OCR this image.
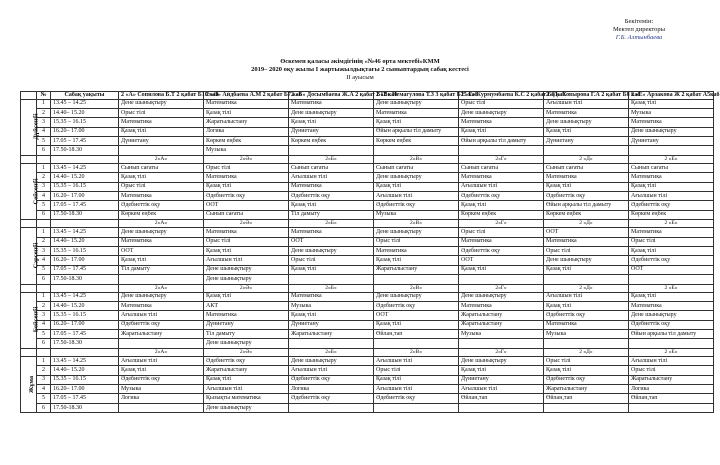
Бекітемін:
Мектеп директоры
Г.Б. Алтынбаева
Өскемен қаласы әкімдігінің «№46 орта мектебі»КММ
2019– 2020 оқу жылы I жартыжылдықтағы 2 сыныптардың сабақ кестесі
II ауысым
	№	Сабақ уақыты	2 «А» Сопилова Б.Т 2 қабат Б10 каб	2 «Ә» Айдбаева А.М 2 қабат Б7 каб	2 «Б» Досымбаева Ж.А 2 қабат Б12 каб	2 «В» Немагулова Т.З 3 қабат Б15 каб	2 «Г» Курмумбаева К.С 2 қабат Б9 каб	2 «Д» Ковырова Г.А 2 қабат Б8 каб	2 «Е» Арзакова Ж 2 қабат А5каб
Дүйсенбі	1	13.45 – 14.25	Дене шынықтыру	Математика	Математика	Дене шынықтыру	Орыс тілі	Ағылшын тілі	Қазақ тілі
	2	14.40– 15.20	Орыс тілі	Қазақ тілі	Дене шынықтыру	Математика	Дене шынықтыру	Математика	Музыка
	3	15.35 – 16.15	Математика	Жаратылыстану	Қазақ тілі	Қазақ тілі	Математика	Дене шынықтыру	Математика
	4	16.20– 17.00	Қазақ тілі	Логика	Дүниетану	Өйын арқылы тіл дамыту	Қазақ тілі	Қазақ тілі	Дене шынықтыру
	5	17.05 – 17.45	Дүниетану	Көркем еңбек	Көркем еңбек	Көркем еңбек	Өйын арқылы тіл дамыту	Дүниетану	Дүниетану
	6	17.50-18.30		Музыка					
			2«А»	2«Ә»	2«Б»	2«В»	2«Г»	2 «Д»	2 «Е»
Сейсенбі	1	13.45 – 14.25	Сынып сағаты	Орыс тілі	Сынып сағаты	Сынып сағаты	Сынып сағаты	Сынып сағаты	Сынып сағаты
	2	14.40– 15.20	Қазақ тілі	Математика	Ағылшын тілі	Дене шынықтыру	Математика	Математика	Математика
	3	15.35 – 16.15	Орыс тілі	Қазақ тілі	Математика	Қазақ тілі	Ағылшын тілі	Қазақ тілі	Қазақ тілі
	4	16.20– 17.00	Математика	Әдебиеттік оқу	Әдебиеттік оқу	Ағылшын тілі	Әдебиеттік оқу	Әдебиеттік оқу	Ағылшын тілі
	5	17.05 – 17.45	Әдебиеттік оқу	ООТ	Қазақ тілі	Әдебиеттік оқу	Қазақ тілі	Өйын арқылы тіл дамыту	Әдебиеттік оқу
	6	17.50-18.30	Көркем еңбек	Сынып сағаты	Тіл дамыту	Музыка	Көркем еңбек	Көркем еңбек	Көркем еңбек
			2«А»	2«Ә»	2«Б»	2«В»	2«Г»	2 «Д»	2 «Е»
Сәрсенбі	1	13.45 – 14.25	Дене шынықтыру	Математика	Математика	Дене шынықтыру	Орыс тілі	ООТ	Математика
	2	14.40– 15.20	Математика	Орыс тілі	ООТ	Орыс тілі	Математика	Математика	Орыс тілі
	3	15.35 – 16.15	ООТ	Қазақ тілі	Дене шынықтыру	Математика	Әдебиеттік оқу	Орыс тілі	Қазақ тілі
	4	16.20– 17.00	Қазақ тілі	Ағылшын тілі	Орыс тілі	Қазақ тілі	ООТ	Дене шынықтыру	Әдебиеттік оқу
	5	17.05 – 17.45	Тіл дамыту	Дене шынықтыру	Қазақ тілі	Жаратылыстану	Қазақ тілі	Қазақ тілі	ООТ
	6	17.50-18.30		Дене шынықтыру					
			2«А»	2«Ә»	2«Б»	2«В»	2«Г»	2 «Д»	2 «Е»
Бейсенбі	1	13.45 – 14.25	Дене шынықтыру	Қазақ тілі	Математика	Дене шынықтыру	Дене шынықтыру	Ағылшын тілі	Қазақ тілі
	2	14.40– 15.20	Математика	АКТ	Музыка	Әдебиеттік оқу	Математика	Қазақ тілі	Математика
	3	15.35 – 16.15	Ағылшын тілі	Математика	Қазақ тілі	ООТ	Жаратылыстану	Әдебиеттік оқу	Дене шынықтыру
	4	16.20– 17.00	Әдебиеттік оқу	Дүниетану	Дүниетану	Қазақ тілі	Жаратылыстану	Математика	Әдебиеттік оқу
	5	17.05 – 17.45	Жаратылыстану	Тіл дамыту	Жаратылыстану	Өйлан,тап	Музыка	Музыка	Өйын арқылы тіл дамыту
	6	17.50-18.30		Дене шынықтыру					
			2«А»	2«Ә»	2«Б»	2«В»	2«Г»	2 «Д»	2 «Е»
Жұма	1	13.45 – 14.25	Ағылшын тілі	Әдебиеттік оқу	Дене шынықтыру	Ағылшын тілі	Дене шынықтыру	Орыс тілі	Ағылшын тілі
	2	14.40– 15.20	Қазақ тілі	Жаратылыстану	Ағылшын тілі	Орыс тілі	Қазақ тілі	Қазақ тілі	Орыс тілі
	3	15.35 – 16.15	Әдебиеттік оқу	Қазақ тілі	Әдебиеттік оқу	Қазақ тілі	Дүниетану	Әдебиеттік оқу	Жаратылыстану
	4	16.20– 17.00	Музыка	Ағылшын тілі	Логика	Ағылшын тілі	Ағылшын тілі	Жаратылыстану	Логика
	5	17.05 – 17.45	Логика	Қызықты математика	Әдебиеттік оқу	Әдебиеттік оқу	Өйлан,тап	Өйлан,тап	Өйлан,тап
	6	17.50-18.30		Дене шынықтыру					
